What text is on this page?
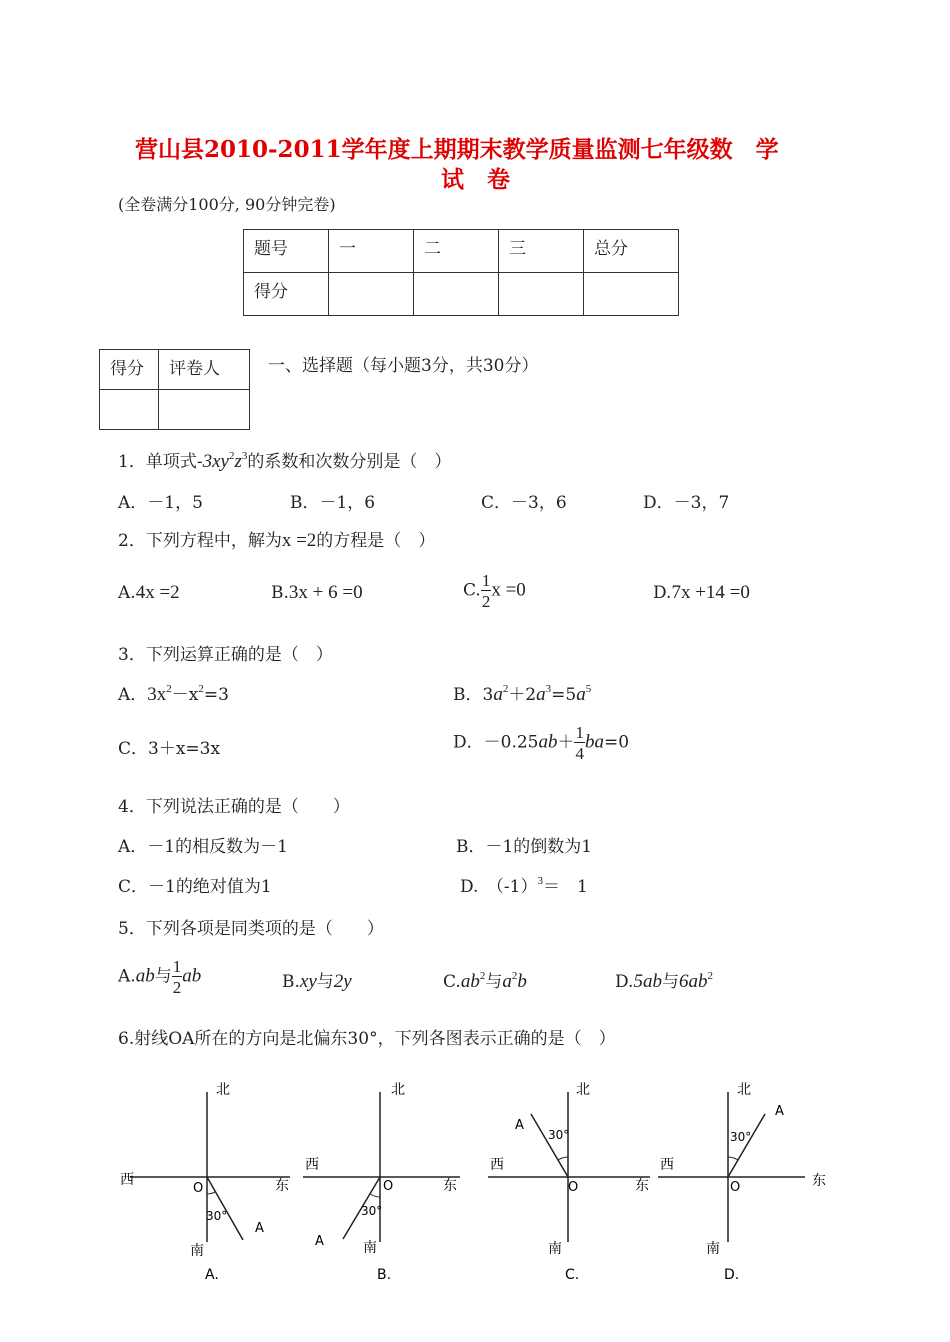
营山县2010-2011学年度上期期末教学质量监测七年级数　学
试　卷
(全卷满分100分, 90分钟完卷)
题号	一	二	三	总分
得分				
得分	评卷人
		一、选择题（每小题3分，共30分）
1．单项式$-3xy^2z^3$的系数和次数分别是（　）
A．－1，5	B．－1，6	C．－3，6	D．－3，7
2．下列方程中，解为x =2的方程是（　）
A.4x =2	B.3x + 6 =0	C. $\frac{1}{2}$ x =0	D.7x +14 =0
3．下列运算正确的是（　）
A．$3x^2-x^2=3$	B．$3a^2+2a^3=5a^5$
C．3＋x=3x	D．$-0.25ab+ \frac{1}{4} ba=0$
4．下列说法正确的是（　　）
A．－1的相反数为－1	B．－1的倒数为1
C．－1的绝对值为1	D.　$(-1)^3=$　1
5．下列各项是同类项的是（　　）
A.ab与 $\frac{1}{2}$ ab	B.xy与2y	$C.ab^2$与$a^2b$	D.5ab与$6ab^2$
6.射线OA所在的方向是北偏东30°，下列各图表示正确的是（　）
北
西	东
南
O
30°
A
A.
北
西
东
南
O
30°
A
B.
北
西
东
南
O
30°
A
C.
北
西
东
南
O
30°
A
D.
